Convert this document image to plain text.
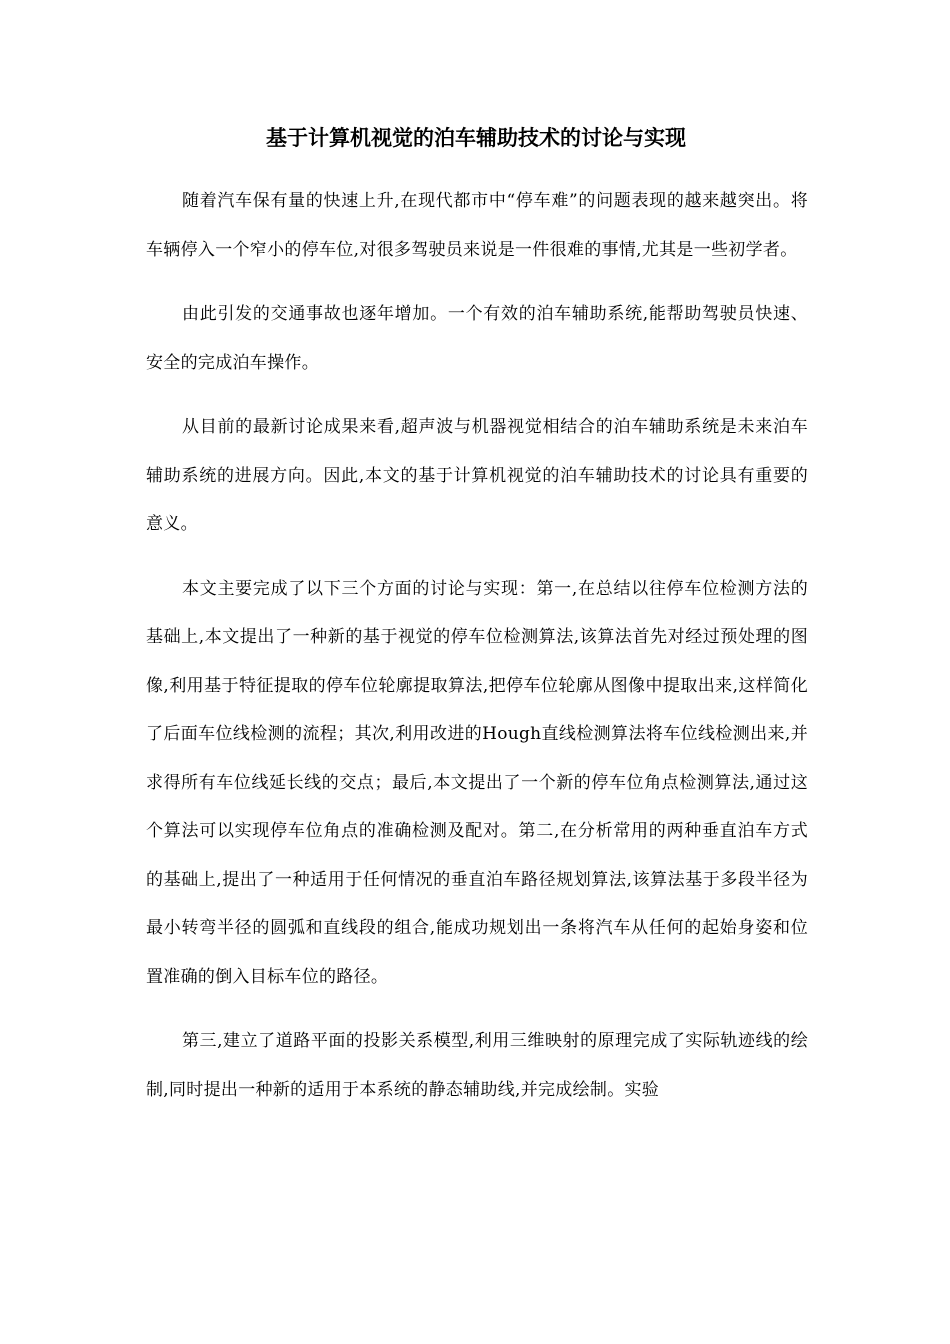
基于计算机视觉的泊车辅助技术的讨论与实现

随着汽车保有量的快速上升,在现代都市中“停车难”的问题表现的越来越突出。将车辆停入一个窄小的停车位,对很多驾驶员来说是一件很难的事情,尤其是一些初学者。

由此引发的交通事故也逐年增加。一个有效的泊车辅助系统,能帮助驾驶员快速、安全的完成泊车操作。

从目前的最新讨论成果来看,超声波与机器视觉相结合的泊车辅助系统是未来泊车辅助系统的进展方向。因此,本文的基于计算机视觉的泊车辅助技术的讨论具有重要的意义。

本文主要完成了以下三个方面的讨论与实现：第一,在总结以往停车位检测方法的基础上,本文提出了一种新的基于视觉的停车位检测算法,该算法首先对经过预处理的图像,利用基于特征提取的停车位轮廓提取算法,把停车位轮廓从图像中提取出来,这样简化了后面车位线检测的流程；其次,利用改进的Hough直线检测算法将车位线检测出来,并求得所有车位线延长线的交点；最后,本文提出了一个新的停车位角点检测算法,通过这个算法可以实现停车位角点的准确检测及配对。第二,在分析常用的两种垂直泊车方式的基础上,提出了一种适用于任何情况的垂直泊车路径规划算法,该算法基于多段半径为最小转弯半径的圆弧和直线段的组合,能成功规划出一条将汽车从任何的起始身姿和位置准确的倒入目标车位的路径。

第三,建立了道路平面的投影关系模型,利用三维映射的原理完成了实际轨迹线的绘制,同时提出一种新的适用于本系统的静态辅助线,并完成绘制。实验
